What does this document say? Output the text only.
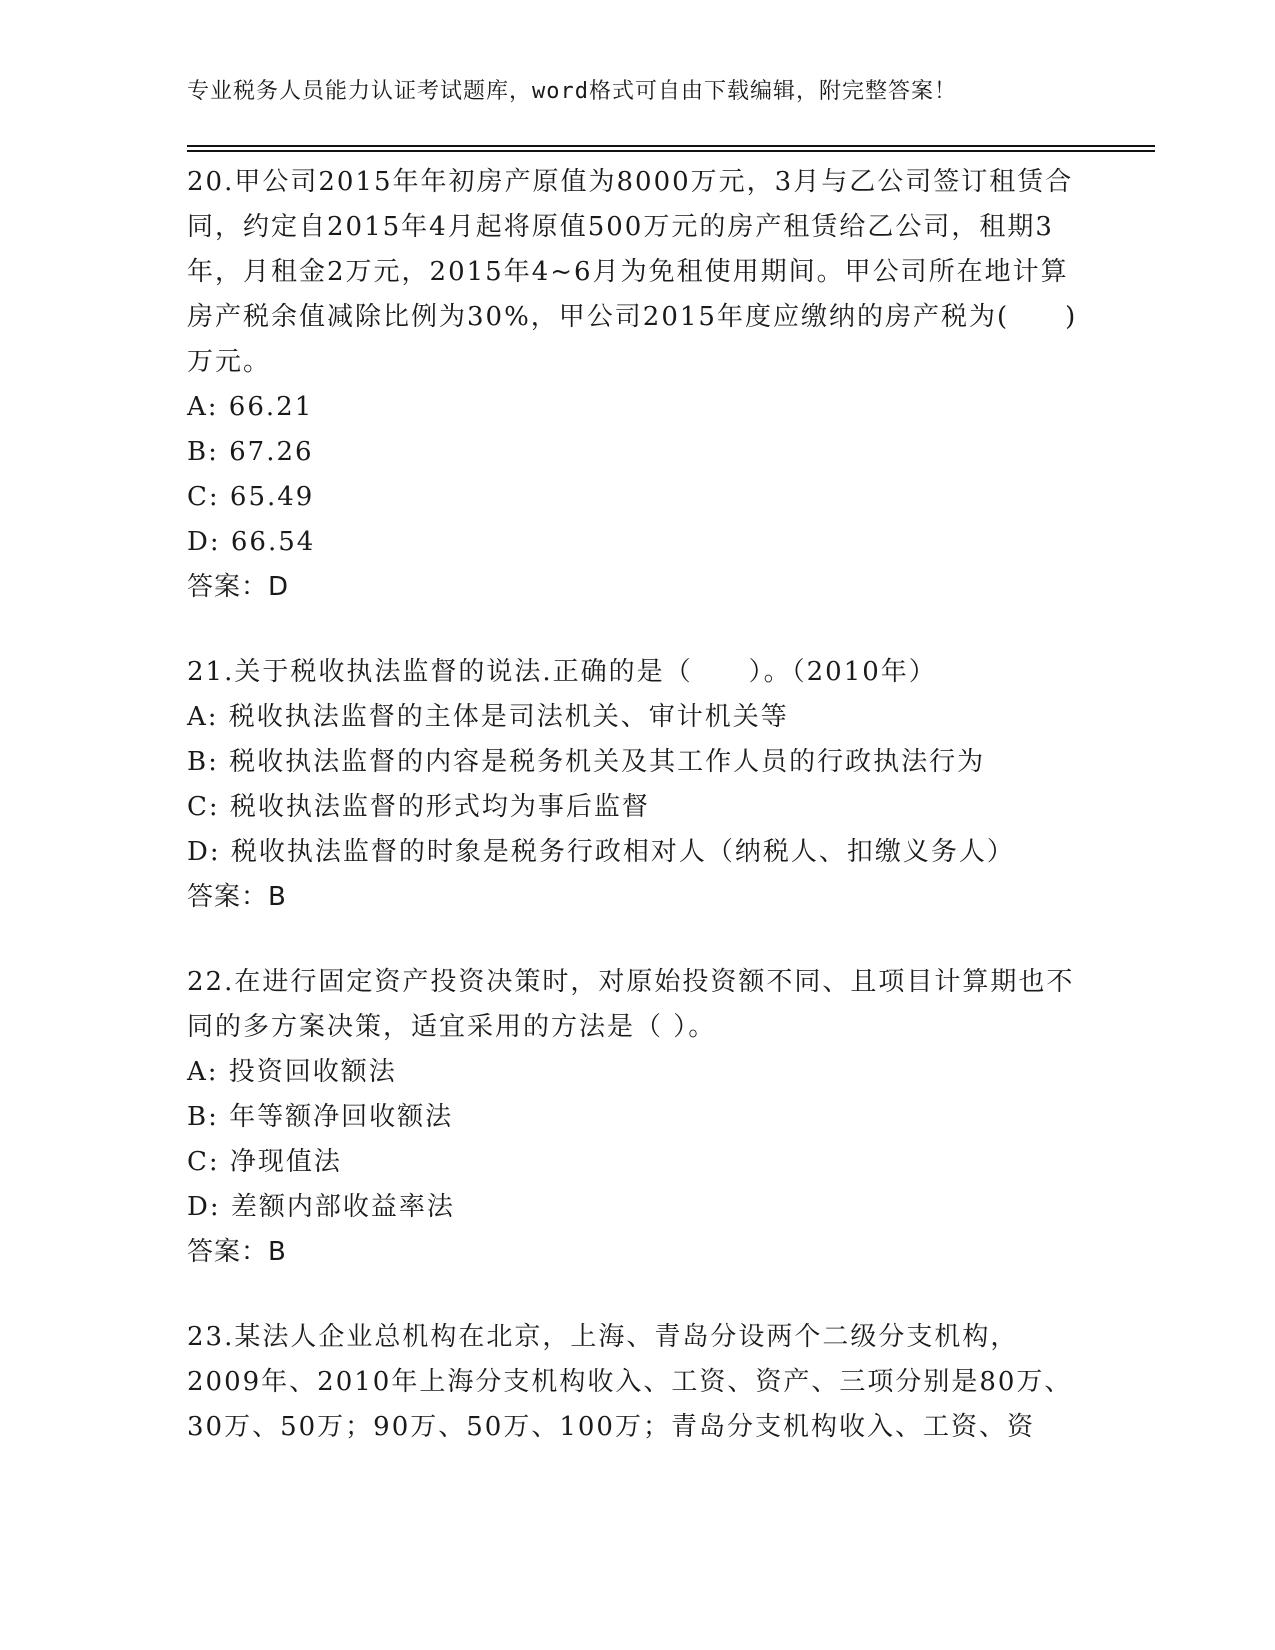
专业税务人员能力认证考试题库，word格式可自由下载编辑，附完整答案！

20.甲公司2015年年初房产原值为8000万元，3月与乙公司签订租赁合同，约定自2015年4月起将原值500万元的房产租赁给乙公司，租期3年，月租金2万元，2015年4~6月为免租使用期间。甲公司所在地计算房产税余值减除比例为30%，甲公司2015年度应缴纳的房产税为(　　)万元。

A: 66.21

B: 67.26

C: 65.49

D: 66.54

答案：D

21.关于税收执法监督的说法.正确的是（　　）。（2010年）

A: 税收执法监督的主体是司法机关、审计机关等

B: 税收执法监督的内容是税务机关及其工作人员的行政执法行为

C: 税收执法监督的形式均为事后监督

D: 税收执法监督的时象是税务行政相对人（纳税人、扣缴义务人）

答案：B

22.在进行固定资产投资决策时，对原始投资额不同、且项目计算期也不同的多方案决策，适宜采用的方法是（ ）。

A: 投资回收额法

B: 年等额净回收额法

C: 净现值法

D: 差额内部收益率法

答案：B

23.某法人企业总机构在北京，上海、青岛分设两个二级分支机构，2009年、2010年上海分支机构收入、工资、资产、三项分别是80万、30万、50万；90万、50万、100万；青岛分支机构收入、工资、资
